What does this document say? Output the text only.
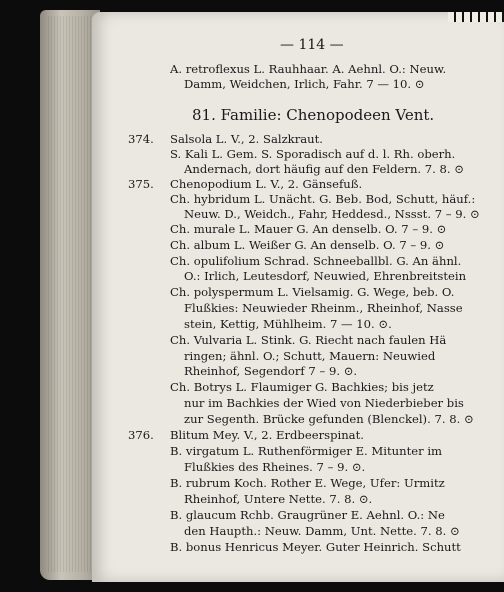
— 114 —
A. retroflexus L. Rauhhaar. A. Aehnl. O.: Neuw.
Damm, Weidchen, Irlich, Fahr. 7 — 10. ⊙
81. Familie: Chenopodeen Vent.
374. Salsola L. V., 2. Salzkraut.
S. Kali L. Gem. S. Sporadisch auf d. l. Rh. oberh.
Andernach, dort häufig auf den Feldern. 7. 8. ⊙
375. Chenopodium L. V., 2. Gänsefuß.
Ch. hybridum L. Unächt. G. Beb. Bod, Schutt, häuf.:
Neuw. D., Weidch., Fahr, Heddesd., Nssst. 7 – 9. ⊙
Ch. murale L. Mauer G. An denselb. O. 7 – 9. ⊙
Ch. album L. Weißer G. An denselb. O. 7 – 9. ⊙
Ch. opulifolium Schrad. Schneeballbl. G. An ähnl.
O.: Irlich, Leutesdorf, Neuwied, Ehrenbreitstein
Ch. polyspermum L. Vielsamig. G. Wege, beb. O.
Flußkies: Neuwieder Rheinm., Rheinhof, Nasse
stein, Kettig, Mühlheim. 7 — 10. ⊙.
Ch. Vulvaria L. Stink. G. Riecht nach faulen Hä
ringen; ähnl. O.; Schutt, Mauern: Neuwied
Rheinhof, Segendorf 7 – 9. ⊙.
Ch. Botrys L. Flaumiger G. Bachkies; bis jetz
nur im Bachkies der Wied von Niederbieber bis
zur Segenth. Brücke gefunden (Blenckel). 7. 8. ⊙
376. Blitum Mey. V., 2. Erdbeerspinat.
B. virgatum L. Ruthenförmiger E. Mitunter im
Flußkies des Rheines. 7 – 9. ⊙.
B. rubrum Koch. Rother E. Wege, Ufer: Urmitz
Rheinhof, Untere Nette. 7. 8. ⊙.
B. glaucum Rchb. Graugrüner E. Aehnl. O.: Ne
den Haupth.: Neuw. Damm, Unt. Nette. 7. 8. ⊙
B. bonus Henricus Meyer. Guter Heinrich. Schutt
